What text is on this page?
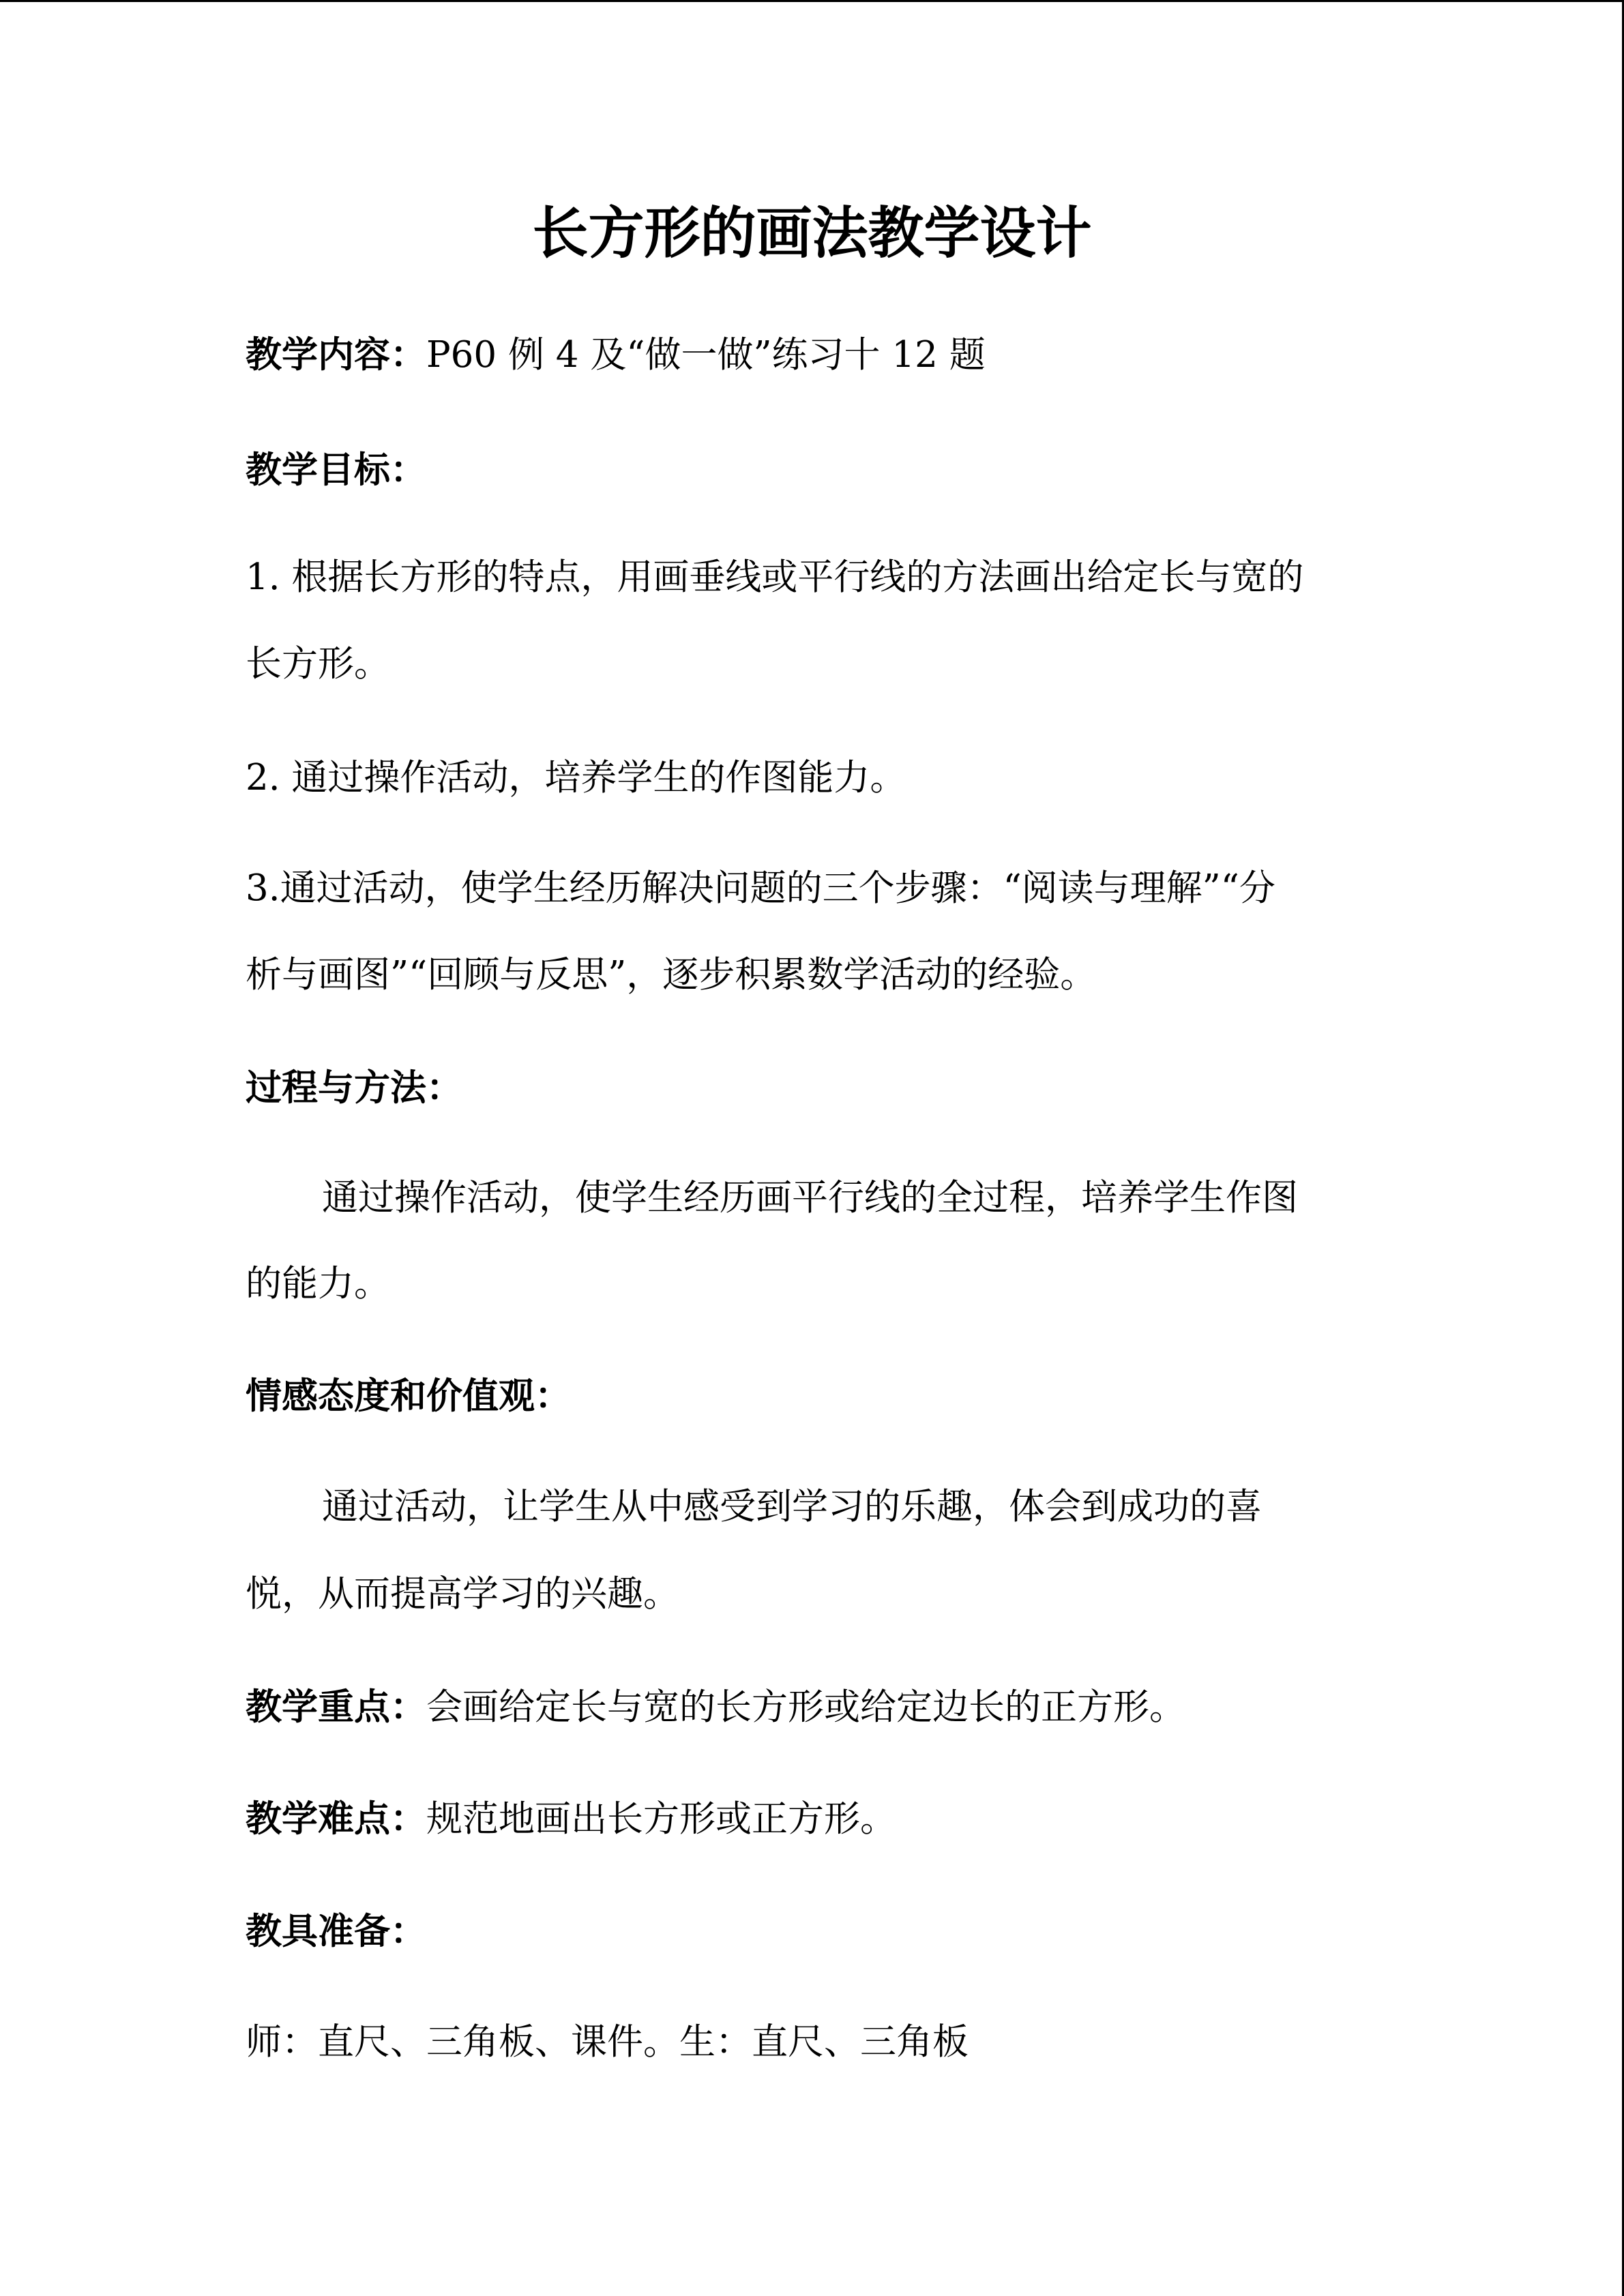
长方形的画法教学设计
教学内容：P60 例 4 及“做一做”练习十 12 题
教学目标：
1. 根据长方形的特点，用画垂线或平行线的方法画出给定长与宽的
长方形。
2. 通过操作活动，培养学生的作图能力。
3.通过活动，使学生经历解决问题的三个步骤：“阅读与理解”“分
析与画图”“回顾与反思”，逐步积累数学活动的经验。
过程与方法：
通过操作活动，使学生经历画平行线的全过程，培养学生作图
的能力。
情感态度和价值观：
通过活动，让学生从中感受到学习的乐趣，体会到成功的喜
悦，从而提高学习的兴趣。
教学重点：会画给定长与宽的长方形或给定边长的正方形。
教学难点：规范地画出长方形或正方形。
教具准备：
师：直尺、三角板、课件。生：直尺、三角板
